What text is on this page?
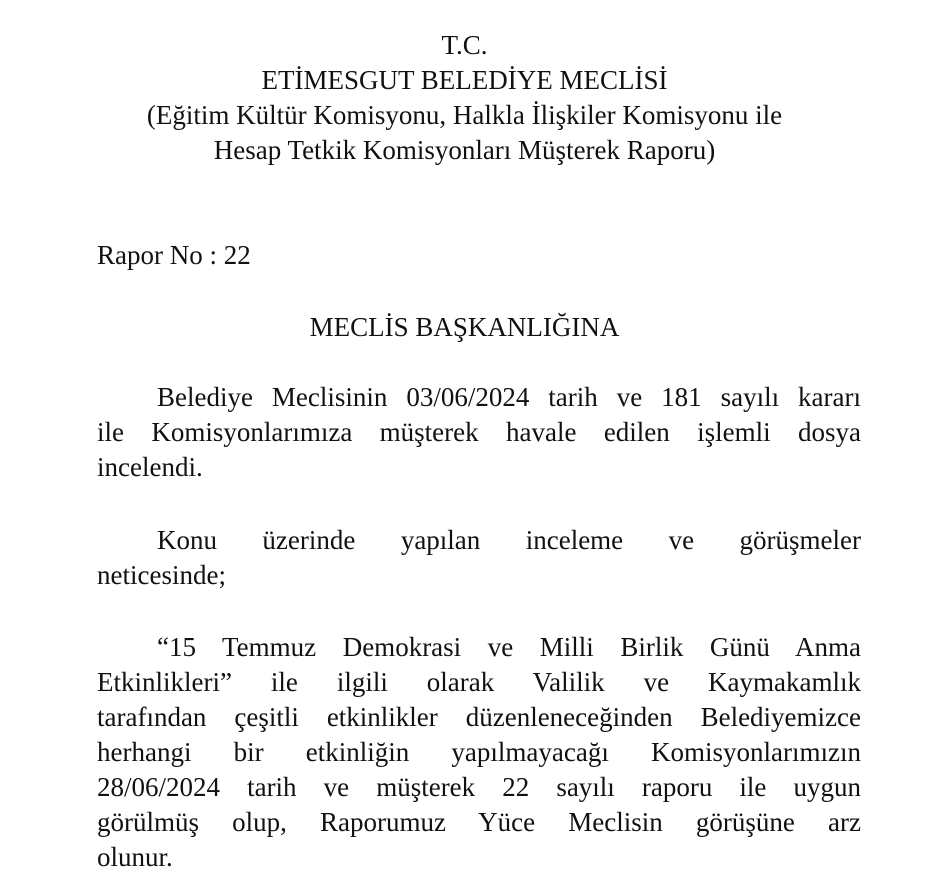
T.C.
ETİMESGUT BELEDİYE MECLİSİ
(Eğitim Kültür Komisyonu, Halkla İlişkiler Komisyonu ile
Hesap Tetkik Komisyonları Müşterek Raporu)
Rapor No : 22
MECLİS BAŞKANLIĞINA
Belediye Meclisinin 03/06/2024 tarih ve 181 sayılı kararı
ile Komisyonlarımıza müşterek havale edilen işlemli dosya
incelendi.
Konu üzerinde yapılan inceleme ve görüşmeler
neticesinde;
“15 Temmuz Demokrasi ve Milli Birlik Günü Anma
Etkinlikleri” ile ilgili olarak Valilik ve Kaymakamlık
tarafından çeşitli etkinlikler düzenleneceğinden Belediyemizce
herhangi bir etkinliğin yapılmayacağı Komisyonlarımızın
28/06/2024 tarih ve müşterek 22 sayılı raporu ile uygun
görülmüş olup, Raporumuz Yüce Meclisin görüşüne arz
olunur.
